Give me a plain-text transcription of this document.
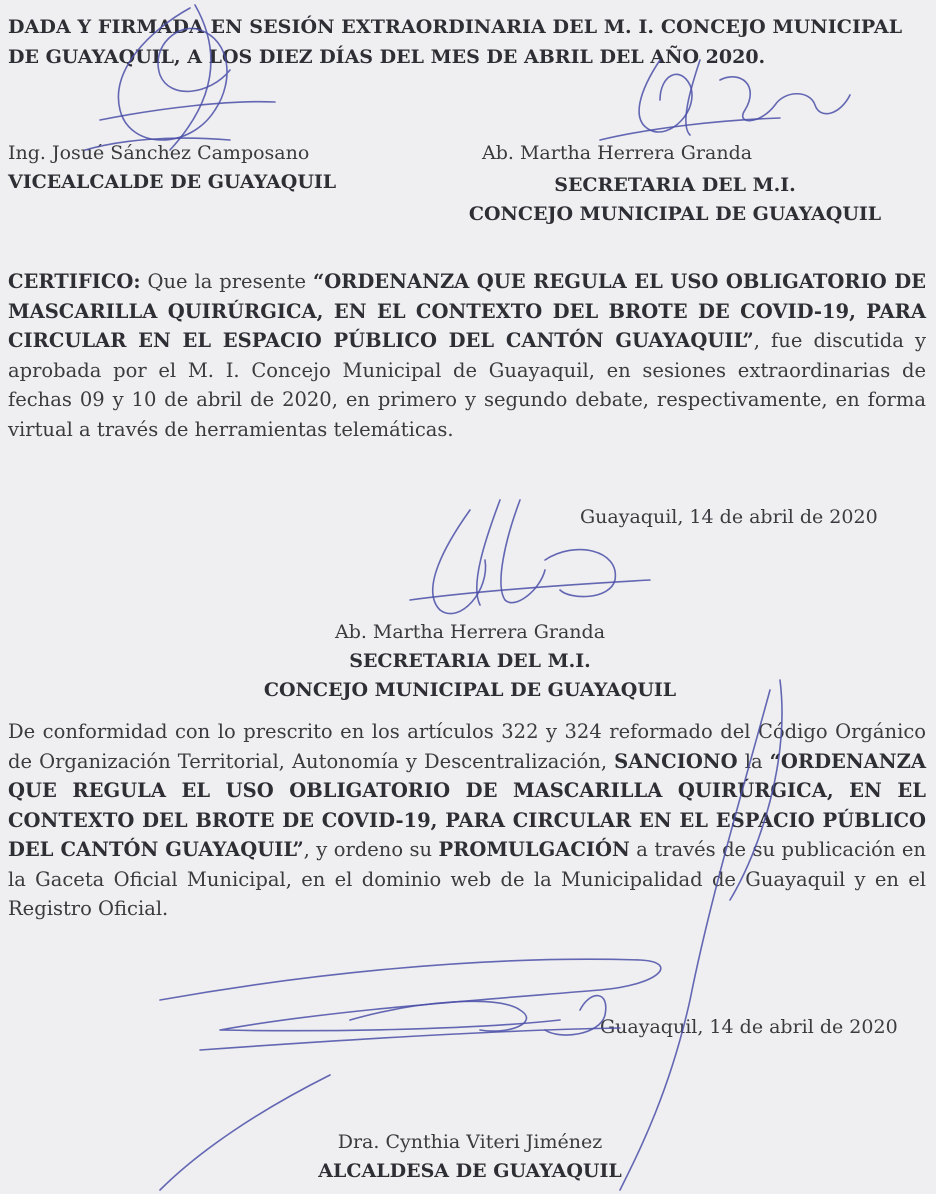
DADA Y FIRMADA EN SESIÓN EXTRAORDINARIA DEL M. I. CONCEJO MUNICIPAL
DE GUAYAQUIL, A LOS DIEZ DÍAS DEL MES DE ABRIL DEL AÑO 2020.
Ing. Josué Sánchez Camposano
VICEALCALDE DE GUAYAQUIL
Ab. Martha Herrera Granda
SECRETARIA DEL M.I.
CONCEJO MUNICIPAL DE GUAYAQUIL
CERTIFICO: Que la presente “ORDENANZA QUE REGULA EL USO OBLIGATORIO DE MASCARILLA QUIRÚRGICA, EN EL CONTEXTO DEL BROTE DE COVID-19, PARA CIRCULAR EN EL ESPACIO PÚBLICO DEL CANTÓN GUAYAQUIL”, fue discutida y aprobada por el M. I. Concejo Municipal de Guayaquil, en sesiones extraordinarias de fechas 09 y 10 de abril de 2020, en primero y segundo debate, respectivamente, en forma virtual a través de herramientas telemáticas.
Guayaquil, 14 de abril de 2020
Ab. Martha Herrera Granda
SECRETARIA DEL M.I.
CONCEJO MUNICIPAL DE GUAYAQUIL
De conformidad con lo prescrito en los artículos 322 y 324 reformado del Código Orgánico de Organización Territorial, Autonomía y Descentralización, SANCIONO la “ORDENANZA QUE REGULA EL USO OBLIGATORIO DE MASCARILLA QUIRÚRGICA, EN EL CONTEXTO DEL BROTE DE COVID-19, PARA CIRCULAR EN EL ESPACIO PÚBLICO DEL CANTÓN GUAYAQUIL”, y ordeno su PROMULGACIÓN a través de su publicación en la Gaceta Oficial Municipal, en el dominio web de la Municipalidad de Guayaquil y en el Registro Oficial.
Guayaquil, 14 de abril de 2020
Dra. Cynthia Viteri Jiménez
ALCALDESA DE GUAYAQUIL
